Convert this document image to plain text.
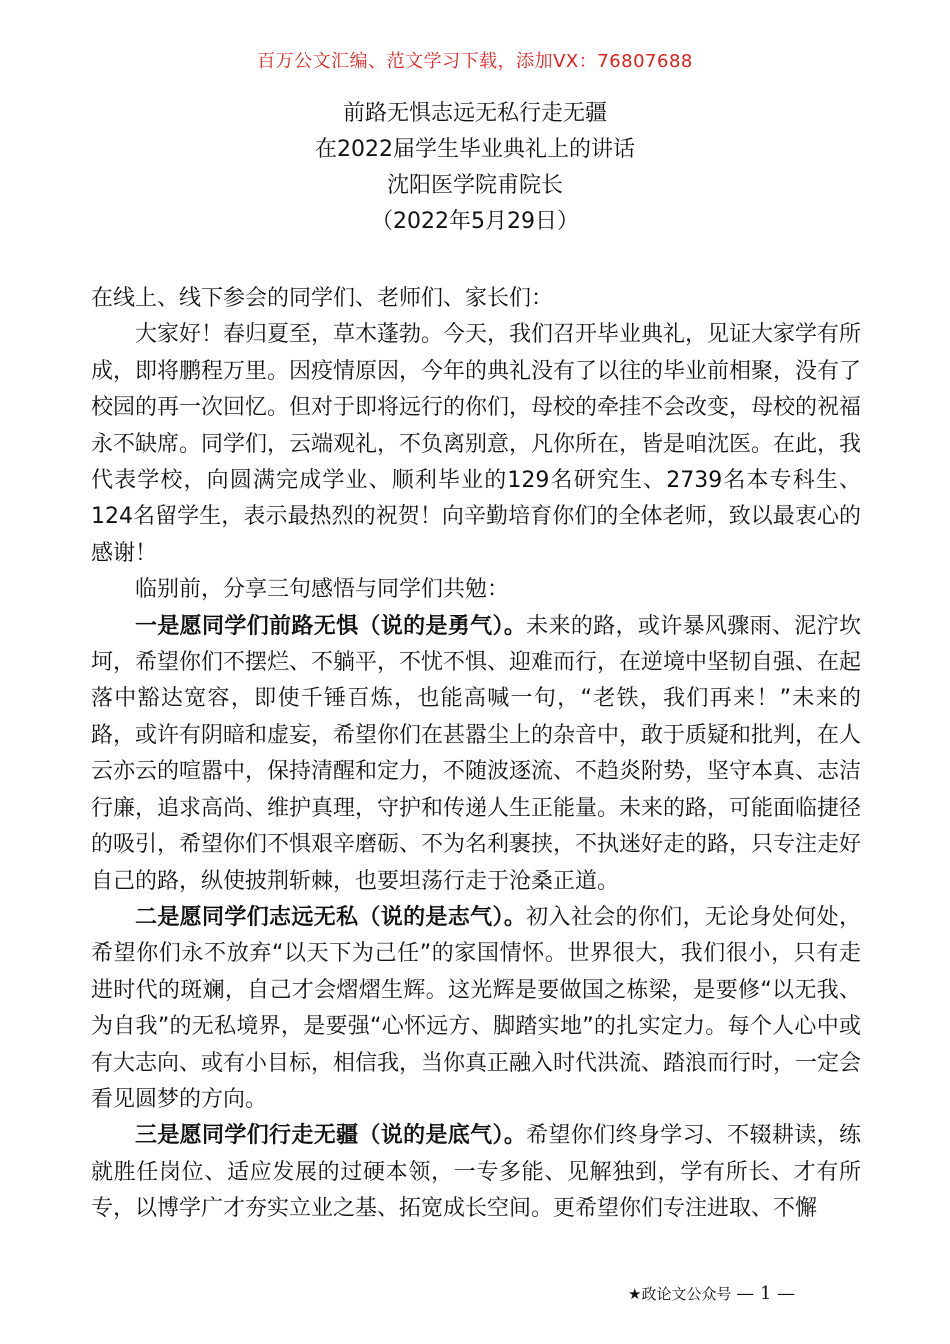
百万公文汇编、范文学习下载，添加VX：76807688
前路无惧志远无私行走无疆
在2022届学生毕业典礼上的讲话
沈阳医学院甫院长
（2022年5月29日）

在线上、线下参会的同学们、老师们、家长们：

大家好！春归夏至，草木蓬勃。今天，我们召开毕业典礼，见证大家学有所成，即将鹏程万里。因疫情原因，今年的典礼没有了以往的毕业前相聚，没有了校园的再一次回忆。但对于即将远行的你们，母校的牵挂不会改变，母校的祝福永不缺席。同学们，云端观礼，不负离别意，凡你所在，皆是咱沈医。在此，我代表学校，向圆满完成学业、顺利毕业的129名研究生、2739名本专科生、124名留学生，表示最热烈的祝贺！向辛勤培育你们的全体老师，致以最衷心的感谢！

临别前，分享三句感悟与同学们共勉：

一是愿同学们前路无惧（说的是勇气）。未来的路，或许暴风骤雨、泥泞坎坷，希望你们不摆烂、不躺平，不忧不惧、迎难而行，在逆境中坚韧自强、在起落中豁达宽容，即使千锤百炼，也能高喊一句，“老铁，我们再来！”未来的路，或许有阴暗和虚妄，希望你们在甚嚣尘上的杂音中，敢于质疑和批判，在人云亦云的喧嚣中，保持清醒和定力，不随波逐流、不趋炎附势，坚守本真、志洁行廉，追求高尚、维护真理，守护和传递人生正能量。未来的路，可能面临捷径的吸引，希望你们不惧艰辛磨砺、不为名利裹挟，不执迷好走的路，只专注走好自己的路，纵使披荆斩棘，也要坦荡行走于沧桑正道。

二是愿同学们志远无私（说的是志气）。初入社会的你们，无论身处何处，希望你们永不放弃“以天下为己任”的家国情怀。世界很大，我们很小，只有走进时代的斑斓，自己才会熠熠生辉。这光辉是要做国之栋梁，是要修“以无我、为自我”的无私境界，是要强“心怀远方、脚踏实地”的扎实定力。每个人心中或有大志向、或有小目标，相信我，当你真正融入时代洪流、踏浪而行时，一定会看见圆梦的方向。

三是愿同学们行走无疆（说的是底气）。希望你们终身学习、不辍耕读，练就胜任岗位、适应发展的过硬本领，一专多能、见解独到，学有所长、才有所专，以博学广才夯实立业之基、拓宽成长空间。更希望你们专注进取、不懈

★政论文公众号 — 1 —
